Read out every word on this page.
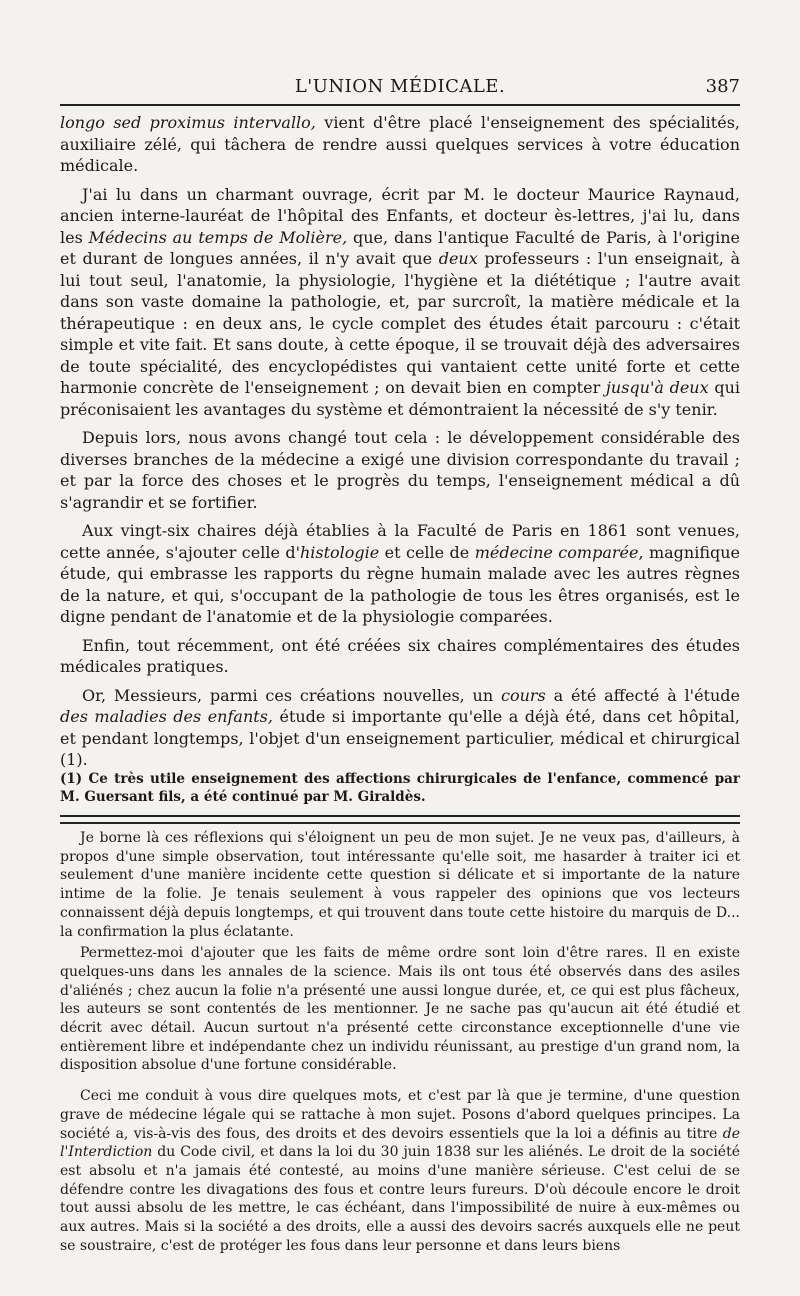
L'UNION MÉDICALE.	387

longo sed proximus intervallo, vient d'être placé l'enseignement des spécialités, auxiliaire zélé, qui tâchera de rendre aussi quelques services à votre éducation médicale.

J'ai lu dans un charmant ouvrage, écrit par M. le docteur Maurice Raynaud, ancien interne-lauréat de l'hôpital des Enfants, et docteur ès-lettres, j'ai lu, dans les Médecins au temps de Molière, que, dans l'antique Faculté de Paris, à l'origine et durant de longues années, il n'y avait que deux professeurs : l'un enseignait, à lui tout seul, l'anatomie, la physiologie, l'hygiène et la diététique ; l'autre avait dans son vaste domaine la pathologie, et, par surcroît, la matière médicale et la thérapeutique : en deux ans, le cycle complet des études était parcouru : c'était simple et vite fait. Et sans doute, à cette époque, il se trouvait déjà des adversaires de toute spécialité, des encyclopédistes qui vantaient cette unité forte et cette harmonie concrète de l'enseignement ; on devait bien en compter jusqu'à deux qui préconisaient les avantages du système et démontraient la nécessité de s'y tenir.

Depuis lors, nous avons changé tout cela : le développement considérable des diverses branches de la médecine a exigé une division correspondante du travail ; et par la force des choses et le progrès du temps, l'enseignement médical a dû s'agrandir et se fortifier.

Aux vingt-six chaires déjà établies à la Faculté de Paris en 1861 sont venues, cette année, s'ajouter celle d'histologie et celle de médecine comparée, magnifique étude, qui embrasse les rapports du règne humain malade avec les autres règnes de la nature, et qui, s'occupant de la pathologie de tous les êtres organisés, est le digne pendant de l'anatomie et de la physiologie comparées.

Enfin, tout récemment, ont été créées six chaires complémentaires des études médicales pratiques.

Or, Messieurs, parmi ces créations nouvelles, un cours a été affecté à l'étude des maladies des enfants, étude si importante qu'elle a déjà été, dans cet hôpital, et pendant longtemps, l'objet d'un enseignement particulier, médical et chirurgical (1).

(1) Ce très utile enseignement des affections chirurgicales de l'enfance, commencé par M. Guersant fils, a été continué par M. Giraldès.

Je borne là ces réflexions qui s'éloignent un peu de mon sujet. Je ne veux pas, d'ailleurs, à propos d'une simple observation, tout intéressante qu'elle soit, me hasarder à traiter ici et seulement d'une manière incidente cette question si délicate et si importante de la nature intime de la folie. Je tenais seulement à vous rappeler des opinions que vos lecteurs connaissent déjà depuis longtemps, et qui trouvent dans toute cette histoire du marquis de D... la confirmation la plus éclatante.

Permettez-moi d'ajouter que les faits de même ordre sont loin d'être rares. Il en existe quelques-uns dans les annales de la science. Mais ils ont tous été observés dans des asiles d'aliénés ; chez aucun la folie n'a présenté une aussi longue durée, et, ce qui est plus fâcheux, les auteurs se sont contentés de les mentionner. Je ne sache pas qu'aucun ait été étudié et décrit avec détail. Aucun surtout n'a présenté cette circonstance exceptionnelle d'une vie entièrement libre et indépendante chez un individu réunissant, au prestige d'un grand nom, la disposition absolue d'une fortune considérable.

Ceci me conduit à vous dire quelques mots, et c'est par là que je termine, d'une question grave de médecine légale qui se rattache à mon sujet. Posons d'abord quelques principes. La société a, vis-à-vis des fous, des droits et des devoirs essentiels que la loi a définis au titre de l'Interdiction du Code civil, et dans la loi du 30 juin 1838 sur les aliénés. Le droit de la société est absolu et n'a jamais été contesté, au moins d'une manière sérieuse. C'est celui de se défendre contre les divagations des fous et contre leurs fureurs. D'où découle encore le droit tout aussi absolu de les mettre, le cas échéant, dans l'impossibilité de nuire à eux-mêmes ou aux autres. Mais si la société a des droits, elle a aussi des devoirs sacrés auxquels elle ne peut se soustraire, c'est de protéger les fous dans leur personne et dans leurs biens
